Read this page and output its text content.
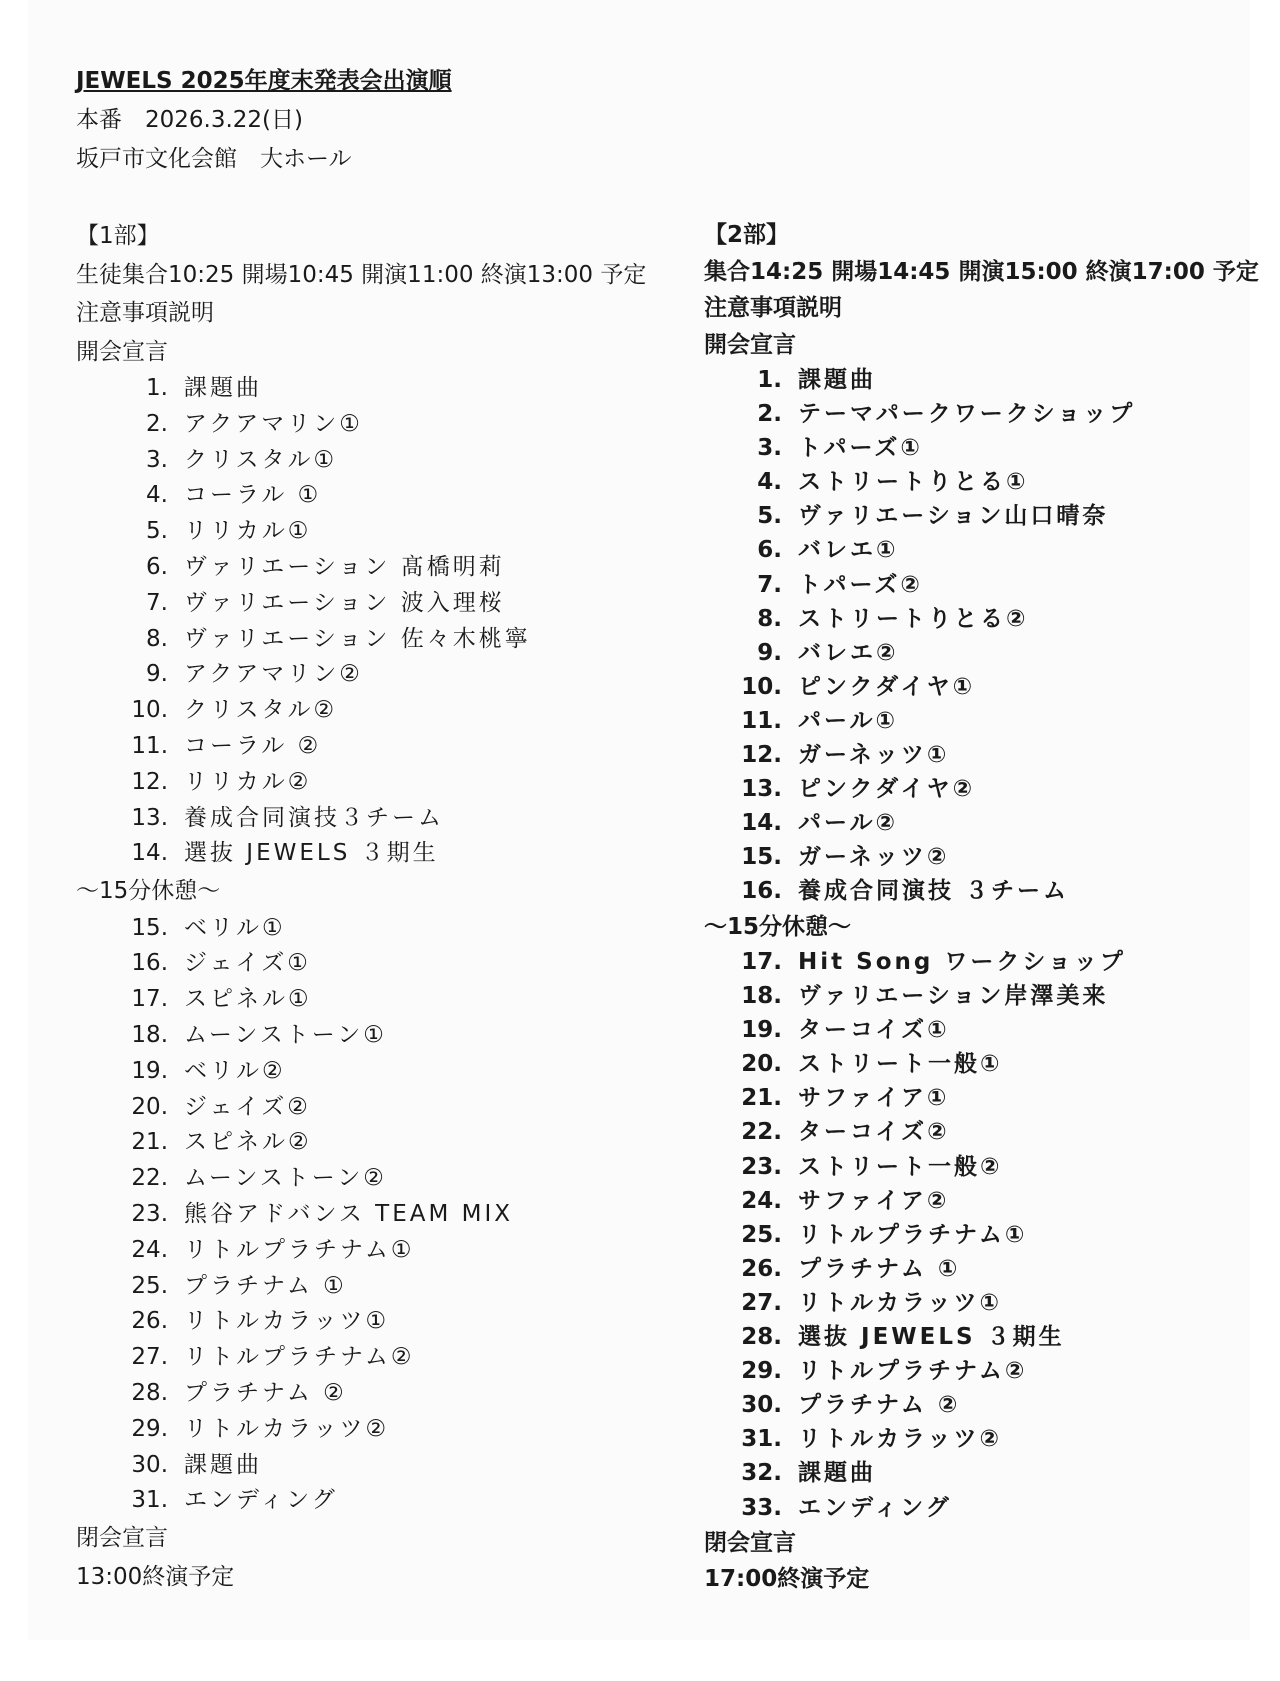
JEWELS 2025年度末発表会出演順
本番　2026.3.22(日)
坂戸市文化会館　大ホール
【1部】
生徒集合10:25 開場10:45 開演11:00 終演13:00 予定
注意事項説明
開会宣言
1. 課題曲
2. アクアマリン①
3. クリスタル①
4. コーラル ①
5. リリカル①
6. ヴァリエーション 髙橋明莉
7. ヴァリエーション 波入理桜
8. ヴァリエーション 佐々木桃寧
9. アクアマリン②
10. クリスタル②
11. コーラル ②
12. リリカル②
13. 養成合同演技３チーム
14. 選抜 JEWELS ３期生
〜15分休憩〜
15. ベリル①
16. ジェイズ①
17. スピネル①
18. ムーンストーン①
19. ベリル②
20. ジェイズ②
21. スピネル②
22. ムーンストーン②
23. 熊谷アドバンス TEAM MIX
24. リトルプラチナム①
25. プラチナム ①
26. リトルカラッツ①
27. リトルプラチナム②
28. プラチナム ②
29. リトルカラッツ②
30. 課題曲
31. エンディング
閉会宣言
13:00終演予定
【2部】
集合14:25 開場14:45 開演15:00 終演17:00 予定
注意事項説明
開会宣言
1. 課題曲
2. テーマパークワークショップ
3. トパーズ①
4. ストリートりとる①
5. ヴァリエーション山口晴奈
6. バレエ①
7. トパーズ②
8. ストリートりとる②
9. バレエ②
10. ピンクダイヤ①
11. パール①
12. ガーネッツ①
13. ピンクダイヤ②
14. パール②
15. ガーネッツ②
16. 養成合同演技 ３チーム
〜15分休憩〜
17. Hit Song ワークショップ
18. ヴァリエーション岸澤美来
19. ターコイズ①
20. ストリート一般①
21. サファイア①
22. ターコイズ②
23. ストリート一般②
24. サファイア②
25. リトルプラチナム①
26. プラチナム ①
27. リトルカラッツ①
28. 選抜 JEWELS ３期生
29. リトルプラチナム②
30. プラチナム ②
31. リトルカラッツ②
32. 課題曲
33. エンディング
閉会宣言
17:00終演予定
